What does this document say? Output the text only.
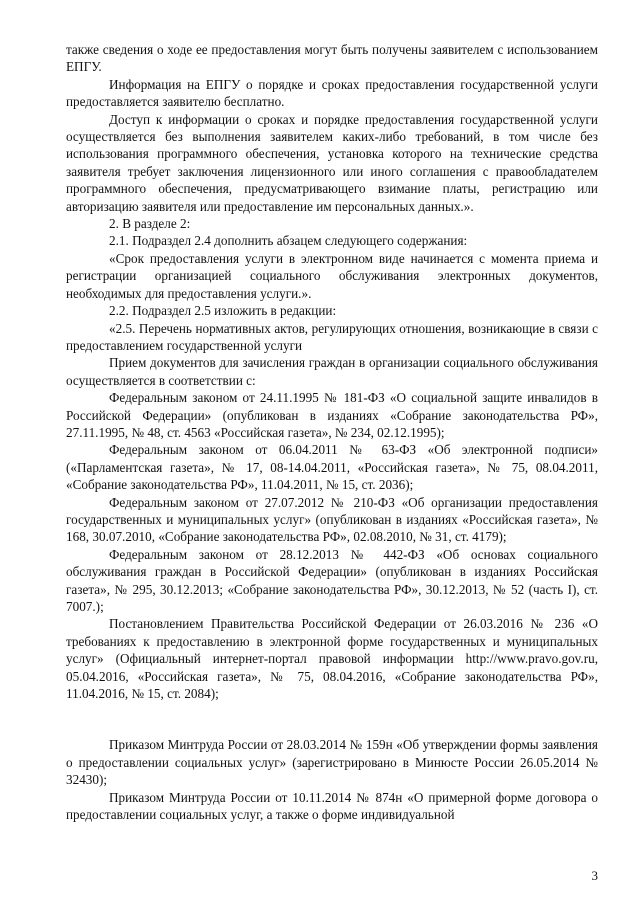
также сведения о ходе ее предоставления могут быть получены заявителем с использованием ЕПГУ.

Информация на ЕПГУ о порядке и сроках предоставления государственной услуги предоставляется заявителю бесплатно.

Доступ к информации о сроках и порядке предоставления государственной услуги осуществляется без выполнения заявителем каких-либо требований, в том числе без использования программного обеспечения, установка которого на технические средства заявителя требует заключения лицензионного или иного соглашения с правообладателем программного обеспечения, предусматривающего взимание платы, регистрацию или авторизацию заявителя или предоставление им персональных данных.».

2. В разделе 2:

2.1. Подраздел 2.4 дополнить абзацем следующего содержания:

«Срок предоставления услуги в электронном виде начинается с момента приема и регистрации организацией социального обслуживания электронных документов, необходимых для предоставления услуги.».

2.2. Подраздел 2.5 изложить в редакции:

«2.5. Перечень нормативных актов, регулирующих отношения, возникающие в связи с предоставлением государственной услуги

Прием документов для зачисления граждан в организации социального обслуживания осуществляется в соответствии с:

Федеральным законом от 24.11.1995 № 181-ФЗ «О социальной защите инвалидов в Российской Федерации» (опубликован в изданиях «Собрание законодательства РФ», 27.11.1995, № 48, ст. 4563 «Российская газета», № 234, 02.12.1995);

Федеральным законом от 06.04.2011 № 63-ФЗ «Об электронной подписи» («Парламентская газета», № 17, 08-14.04.2011, «Российская газета», № 75, 08.04.2011, «Собрание законодательства РФ», 11.04.2011, № 15, ст. 2036);

Федеральным законом от 27.07.2012 № 210-ФЗ «Об организации предоставления государственных и муниципальных услуг» (опубликован в изданиях «Российская газета», № 168, 30.07.2010, «Собрание законодательства РФ», 02.08.2010, № 31, ст. 4179);

Федеральным законом от 28.12.2013 № 442-ФЗ «Об основах социального обслуживания граждан в Российской Федерации» (опубликован в изданиях Российская газета», № 295, 30.12.2013; «Собрание законодательства РФ», 30.12.2013, № 52 (часть I), ст. 7007.);

Постановлением Правительства Российской Федерации от 26.03.2016 № 236 «О требованиях к предоставлению в электронной форме государственных и муниципальных услуг» (Официальный интернет-портал правовой информации http://www.pravo.gov.ru, 05.04.2016, «Российская газета», № 75, 08.04.2016, «Собрание законодательства РФ», 11.04.2016, № 15, ст. 2084);

Приказом Минтруда России от 28.03.2014 № 159н «Об утверждении формы заявления о предоставлении социальных услуг» (зарегистрировано в Минюсте России 26.05.2014 № 32430);

Приказом Минтруда России от 10.11.2014 № 874н «О примерной форме договора о предоставлении социальных услуг, а также о форме индивидуальной

3
